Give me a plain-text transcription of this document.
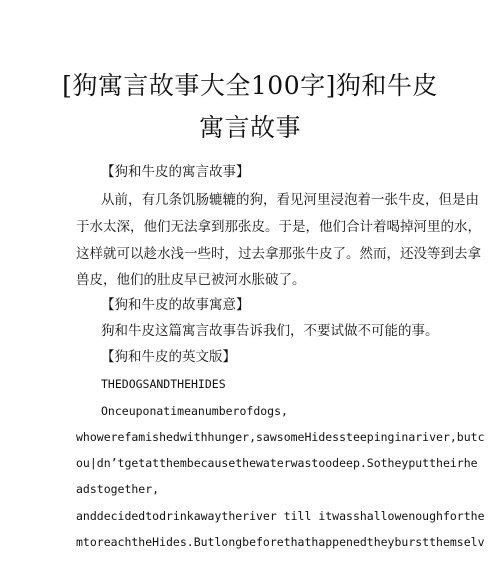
[狗寓言故事大全100字]狗和牛皮
寓言故事
【狗和牛皮的寓言故事】
从前，有几条饥肠辘辘的狗，看见河里浸泡着一张牛皮，但是由
于水太深，他们无法拿到那张皮。于是，他们合计着喝掉河里的水，
这样就可以趁水浅一些时，过去拿那张牛皮了。然而，还没等到去拿
兽皮，他们的肚皮早已被河水胀破了。
【狗和牛皮的故事寓意】
狗和牛皮这篇寓言故事告诉我们，不要试做不可能的事。
【狗和牛皮的英文版】
THEDOGSANDTHEHIDES
Onceuponatimeanumberofdogs,
whowerefamishedwithhunger,sawsomeHidessteepinginariver,butc
ou|dn’tgetatthembecausethewaterwastoodeep.Sotheyputtheirhe
adstogether,
anddecidedtodrinkawaytheriver till itwasshallowenoughforthe
mtoreachtheHides.Butlongbeforethathappenedtheyburstthemselv
